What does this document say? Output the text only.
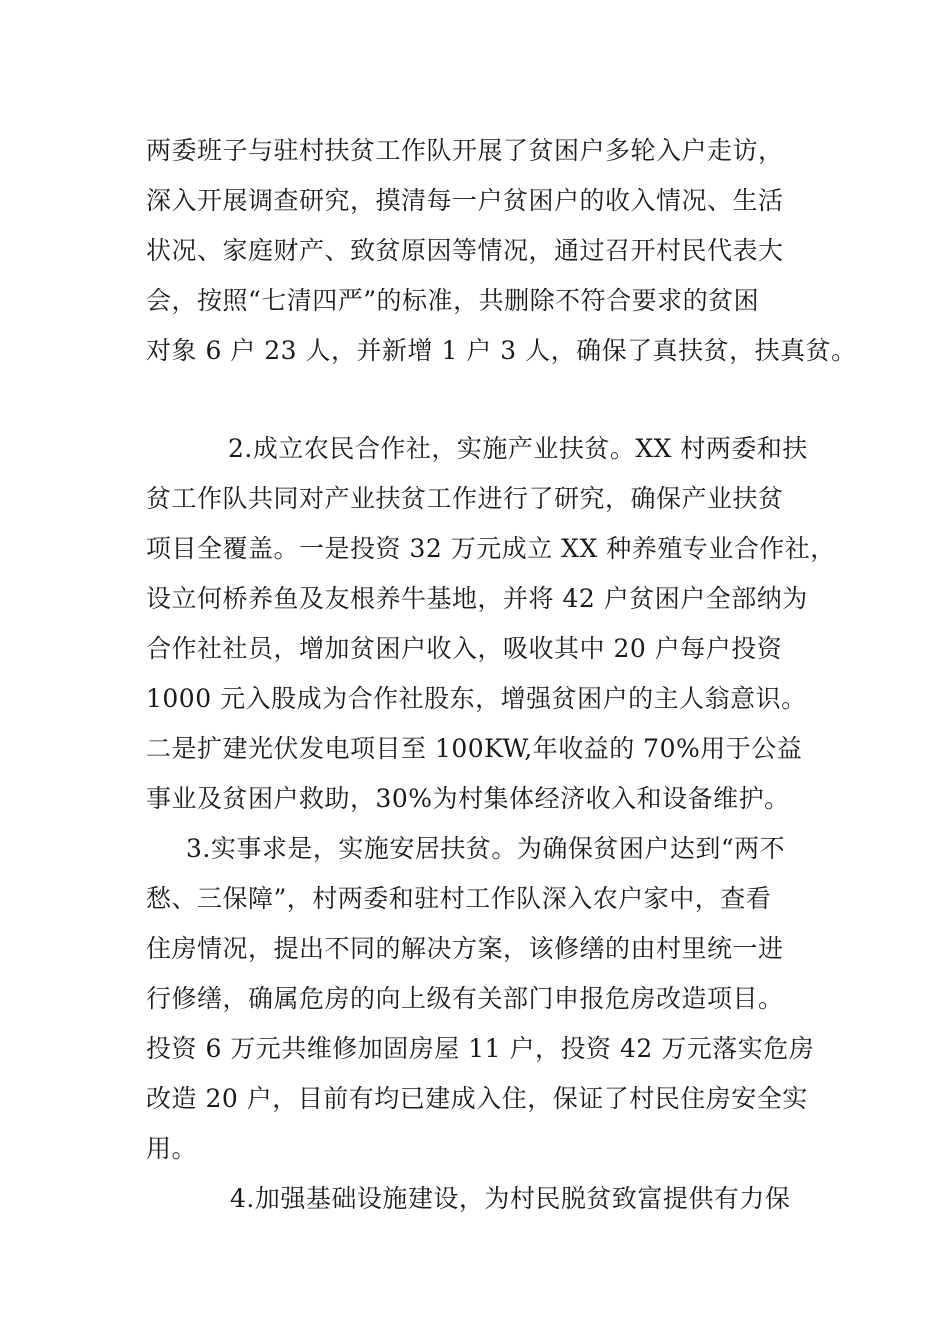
两委班子与驻村扶贫工作队开展了贫困户多轮入户走访，
深入开展调查研究，摸清每一户贫困户的收入情况、生活
状况、家庭财产、致贫原因等情况，通过召开村民代表大
会，按照“七清四严”的标准，共删除不符合要求的贫困
对象 6 户 23 人，并新增 1 户 3 人，确保了真扶贫，扶真贫。
2.成立农民合作社，实施产业扶贫。XX 村两委和扶
贫工作队共同对产业扶贫工作进行了研究，确保产业扶贫
项目全覆盖。一是投资 32 万元成立 XX 种养殖专业合作社，
设立何桥养鱼及友根养牛基地，并将 42 户贫困户全部纳为
合作社社员，增加贫困户收入，吸收其中 20 户每户投资
1000 元入股成为合作社股东，增强贫困户的主人翁意识。
二是扩建光伏发电项目至 100KW,年收益的 70%用于公益
事业及贫困户救助，30%为村集体经济收入和设备维护。
3.实事求是，实施安居扶贫。为确保贫困户达到“两不
愁、三保障”，村两委和驻村工作队深入农户家中，查看
住房情况，提出不同的解决方案，该修缮的由村里统一进
行修缮，确属危房的向上级有关部门申报危房改造项目。
投资 6 万元共维修加固房屋 11 户，投资 42 万元落实危房
改造 20 户，目前有均已建成入住，保证了村民住房安全实
用。
4.加强基础设施建设，为村民脱贫致富提供有力保
